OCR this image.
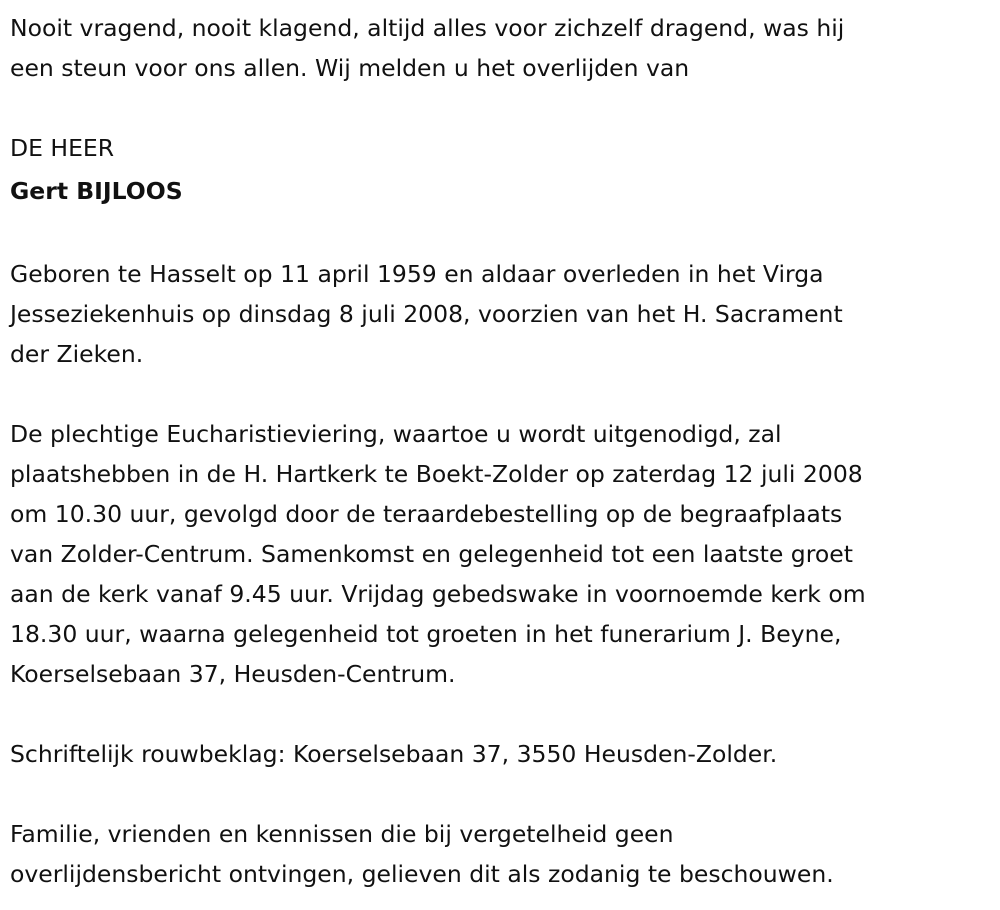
Nooit vragend, nooit klagend, altijd alles voor zichzelf dragend, was hij
een steun voor ons allen. Wij melden u het overlijden van
DE HEER
Gert BIJLOOS
Geboren te Hasselt op 11 april 1959 en aldaar overleden in het Virga
Jesseziekenhuis op dinsdag 8 juli 2008, voorzien van het H. Sacrament
der Zieken.
De plechtige Eucharistieviering, waartoe u wordt uitgenodigd, zal
plaatshebben in de H. Hartkerk te Boekt-Zolder op zaterdag 12 juli 2008
om 10.30 uur, gevolgd door de teraardebestelling op de begraafplaats
van Zolder-Centrum. Samenkomst en gelegenheid tot een laatste groet
aan de kerk vanaf 9.45 uur. Vrijdag gebedswake in voornoemde kerk om
18.30 uur, waarna gelegenheid tot groeten in het funerarium J. Beyne,
Koerselsebaan 37, Heusden-Centrum.
Schriftelijk rouwbeklag: Koerselsebaan 37, 3550 Heusden-Zolder.
Familie, vrienden en kennissen die bij vergetelheid geen
overlijdensbericht ontvingen, gelieven dit als zodanig te beschouwen.
